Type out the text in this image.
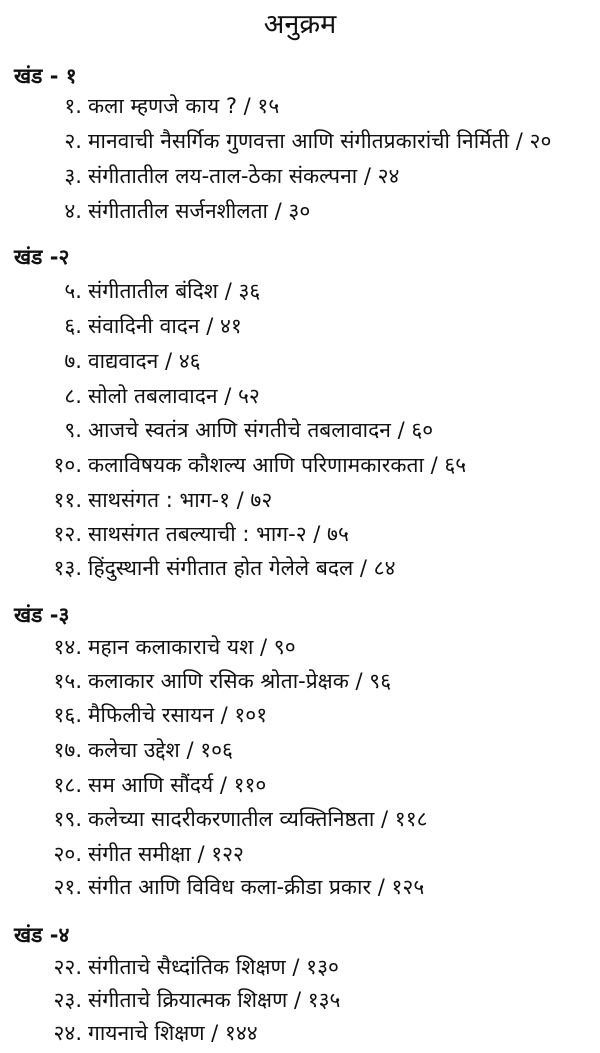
अनुक्रम
खंड - १
१. कला म्हणजे काय ? / १५
२. मानवाची नैसर्गिक गुणवत्ता आणि संगीतप्रकारांची निर्मिती / २०
३. संगीतातील लय-ताल-ठेका संकल्पना / २४
४. संगीतातील सर्जनशीलता / ३०
खंड -२
५. संगीतातील बंदिश / ३६
६. संवादिनी वादन / ४१
७. वाद्यवादन / ४६
८. सोलो तबलावादन / ५२
९. आजचे स्वतंत्र आणि संगतीचे तबलावादन / ६०
१०. कलाविषयक कौशल्य आणि परिणामकारकता / ६५
११. साथसंगत : भाग-१ / ७२
१२. साथसंगत तबल्याची : भाग-२ / ७५
१३. हिंदुस्थानी संगीतात होत गेलेले बदल / ८४
खंड -३
१४. महान कलाकाराचे यश / ९०
१५. कलाकार आणि रसिक श्रोता-प्रेक्षक / ९६
१६. मैफिलीचे रसायन / १०१
१७. कलेचा उद्देश / १०६
१८. सम आणि सौंदर्य / ११०
१९. कलेच्या सादरीकरणातील व्यक्तिनिष्ठता / ११८
२०. संगीत समीक्षा / १२२
२१. संगीत आणि विविध कला-क्रीडा प्रकार / १२५
खंड -४
२२. संगीताचे सैध्दांतिक शिक्षण / १३०
२३. संगीताचे क्रियात्मक शिक्षण / १३५
२४. गायनाचे शिक्षण / १४४
